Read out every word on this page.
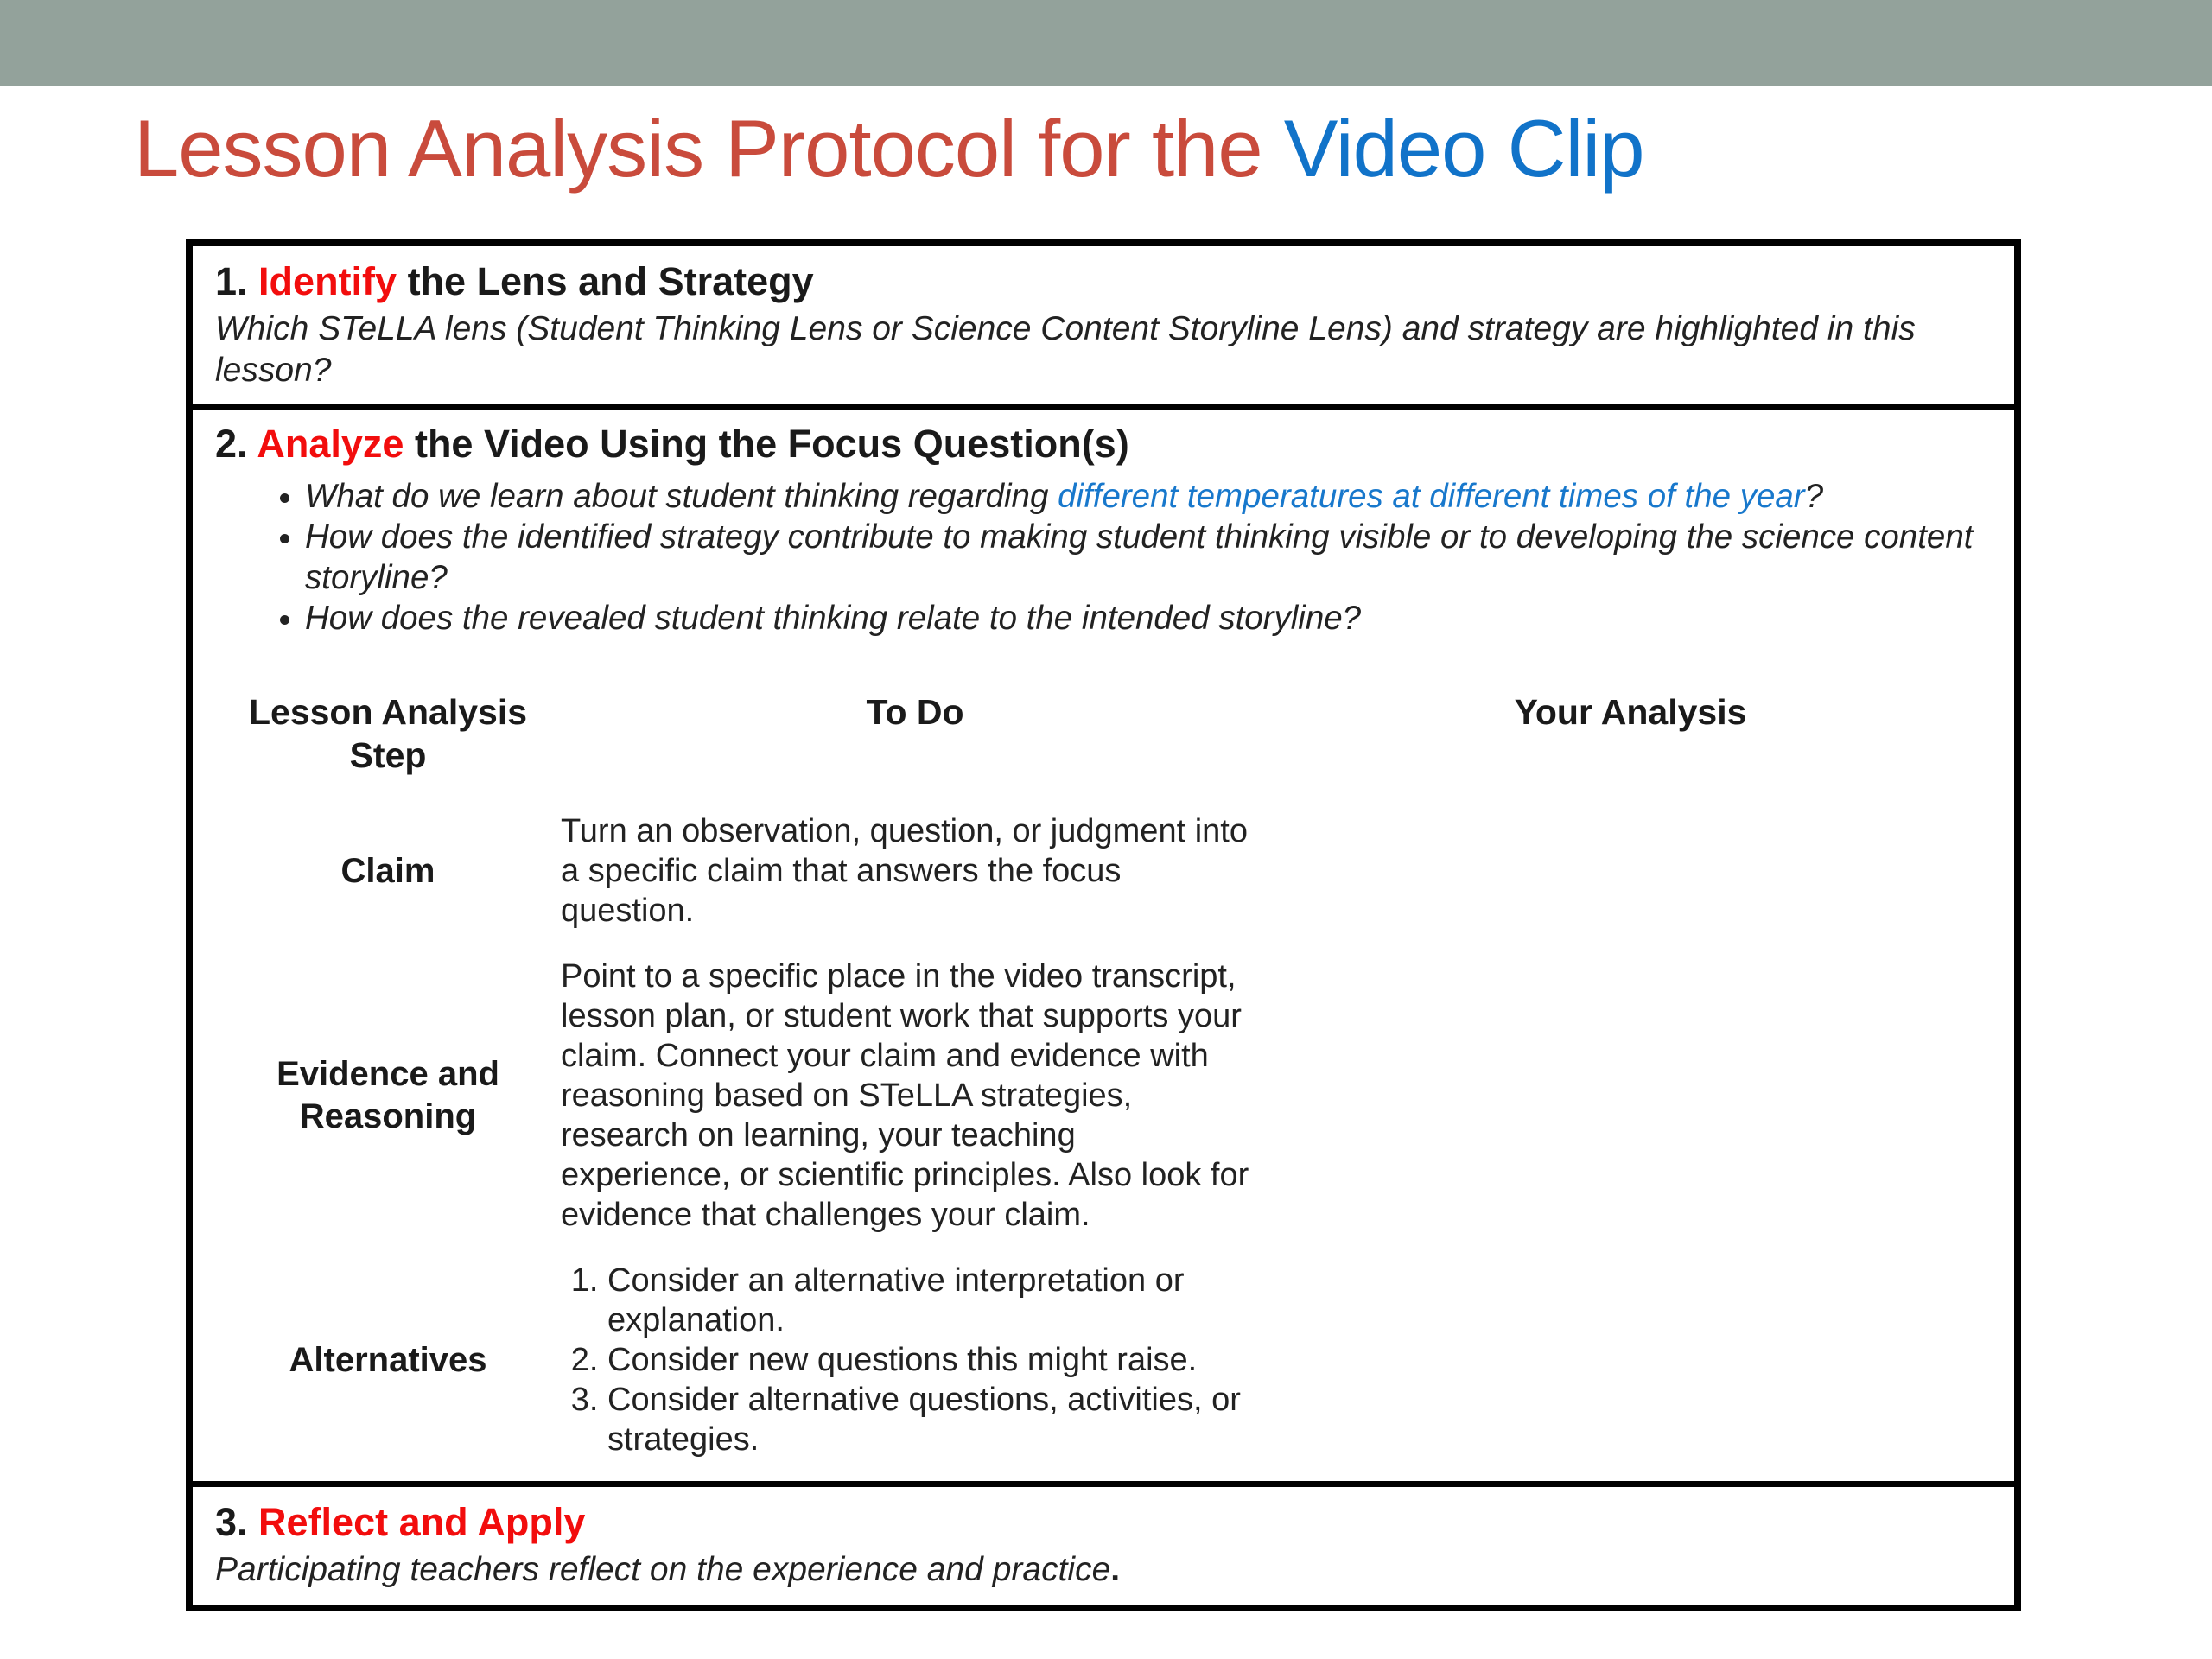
Lesson Analysis Protocol for the Video Clip
1. Identify the Lens and Strategy
Which STeLLA lens (Student Thinking Lens or Science Content Storyline Lens) and strategy are highlighted in this lesson?
2. Analyze the Video Using the Focus Question(s)
• What do we learn about student thinking regarding different temperatures at different times of the year?
• How does the identified strategy contribute to making student thinking visible or to developing the science content storyline?
• How does the revealed student thinking relate to the intended storyline?
Lesson Analysis Step
To Do	Your Analysis
Claim
Turn an observation, question, or judgment into a specific claim that answers the focus question.
Evidence and Reasoning
Point to a specific place in the video transcript, lesson plan, or student work that supports your claim. Connect your claim and evidence with reasoning based on STeLLA strategies, research on learning, your teaching experience, or scientific principles. Also look for evidence that challenges your claim.
Alternatives
1. Consider an alternative interpretation or explanation.
2. Consider new questions this might raise.
3. Consider alternative questions, activities, or strategies.
3. Reflect and Apply
Participating teachers reflect on the experience and practice.
